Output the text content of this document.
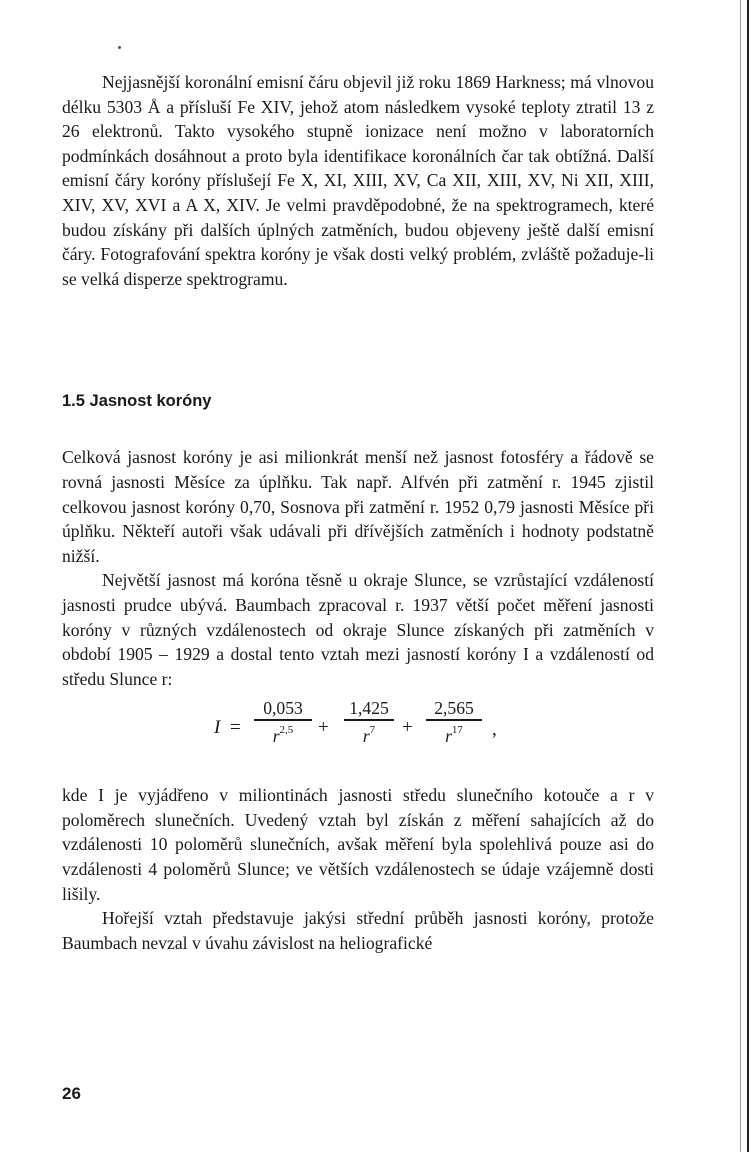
Nejjasnější koronální emisní čáru objevil již roku 1869 Harkness; má vlnovou délku 5303 Å a přísluší Fe XIV, jehož atom následkem vysoké teploty ztratil 13 z 26 elektronů. Takto vysokého stupně ionizace není možno v laboratorních podmínkách dosáhnout a proto byla identifikace koronálních čar tak obtížná. Další emisní čáry koróny příslušejí Fe X, XI, XIII, XV, Ca XII, XIII, XV, Ni XII, XIII, XIV, XV, XVI a A X, XIV. Je velmi pravděpodobné, že na spektrogramech, které budou získány při dalších úplných zatměních, budou objeveny ještě další emisní čáry. Fotografování spektra koróny je však dosti velký problém, zvláště požaduje-li se velká disperze spektrogramu.

1.5 Jasnost koróny

Celková jasnost koróny je asi milionkrát menší než jasnost fotosféry a řádově se rovná jasnosti Měsíce za úplňku. Tak např. Alfvén při zatmění r. 1945 zjistil celkovou jasnost koróny 0,70, Sosnova při zatmění r. 1952 0,79 jasnosti Měsíce při úplňku. Někteří autoři však udávali při dřívějších zatměních i hodnoty podstatně nižší.

Největší jasnost má koróna těsně u okraje Slunce, se vzrůstající vzdáleností jasnosti prudce ubývá. Baumbach zpracoval r. 1937 větší počet měření jasnosti koróny v různých vzdálenostech od okraje Slunce získaných při zatměních v období 1905 – 1929 a dostal tento vztah mezi jasností koróny I a vzdáleností od středu Slunce r:

I =
0,053
$r^{2,5}$ +
1,425
$r^7$ +
2,565
$r^{17}$ ,

kde I je vyjádřeno v miliontinách jasnosti středu slunečního kotouče a r v poloměrech slunečních. Uvedený vztah byl získán z měření sahajících až do vzdálenosti 10 poloměrů slunečních, avšak měření byla spolehlivá pouze asi do vzdálenosti 4 poloměrů Slunce; ve větších vzdálenostech se údaje vzájemně dosti lišily.

Hořejší vztah představuje jakýsi střední průběh jasnosti koróny, protože Baumbach nevzal v úvahu závislost na heliografické

26
